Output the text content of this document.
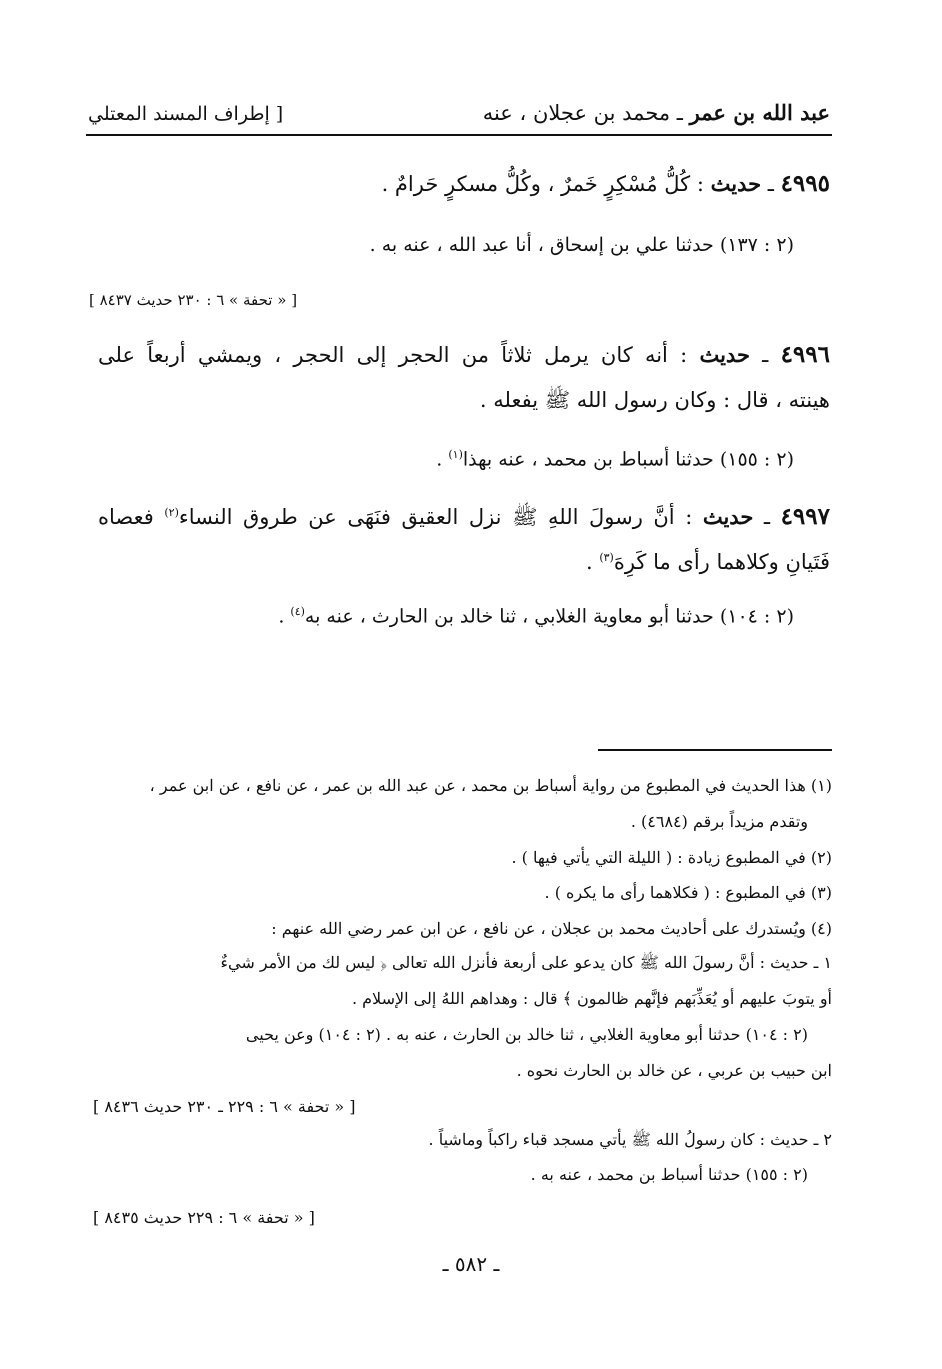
عبد الله بن عمر ـ محمد بن عجلان ، عنه
[ إطراف المسند المعتلي
٤٩٩٥ ـ حديث : كُلُّ مُسْكِرٍ خَمرٌ ، وكُلُّ مسكرٍ حَرامٌ .
(٢ : ١٣٧) حدثنا علي بن إسحاق ، أنا عبد الله ، عنه به .
[ « تحفة » ٦ : ٢٣٠ حديث ٨٤٣٧ ]
٤٩٩٦ ـ حديث : أنه كان يرمل ثلاثاً من الحجر إلى الحجر ، ويمشي أربعاً على
هينته ، قال : وكان رسول الله ﷺ يفعله .
(٢ : ١٥٥) حدثنا أسباط بن محمد ، عنه بهذا$^{(١)}$ .
٤٩٩٧ ـ حديث : أنَّ رسولَ اللهِ ﷺ نزل العقيق فنَهَى عن طروق النساء$^{(٢)}$ فعصاه
فَتَيانِ وكلاهما رأى ما كَرِهَ$^{(٣)}$ .
(٢ : ١٠٤) حدثنا أبو معاوية الغلابي ، ثنا خالد بن الحارث ، عنه به$^{(٤)}$ .
(١) هذا الحديث في المطبوع من رواية أسباط بن محمد ، عن عبد الله بن عمر ، عن نافع ، عن ابن عمر ،
وتقدم مزيداً برقم (٤٦٨٤) .
(٢) في المطبوع زيادة : ( الليلة التي يأتي فيها ) .
(٣) في المطبوع : ( فكلاهما رأى ما يكره ) .
(٤) ويُستدرك على أحاديث محمد بن عجلان ، عن نافع ، عن ابن عمر رضي الله عنهم :
١ ـ حديث : أنَّ رسولَ الله ﷺ كان يدعو على أربعة فأنزل الله تعالى ﴿ ليس لك من الأمر شيءٌ
أو يتوبَ عليهم أو يُعَذِّبَهم فإنَّهم ظالمون ﴾ قال : وهداهم اللهُ إلى الإسلام .
(٢ : ١٠٤) حدثنا أبو معاوية الغلابي ، ثنا خالد بن الحارث ، عنه به . (٢ : ١٠٤) وعن يحيى
ابن حبيب بن عربي ، عن خالد بن الحارث نحوه .
[ « تحفة » ٦ : ٢٢٩ ـ ٢٣٠ حديث ٨٤٣٦ ]
٢ ـ حديث : كان رسولُ الله ﷺ يأتي مسجد قباء راكباً وماشياً .
(٢ : ١٥٥) حدثنا أسباط بن محمد ، عنه به .
[ « تحفة » ٦ : ٢٢٩ حديث ٨٤٣٥ ]
ـ ٥٨٢ ـ
